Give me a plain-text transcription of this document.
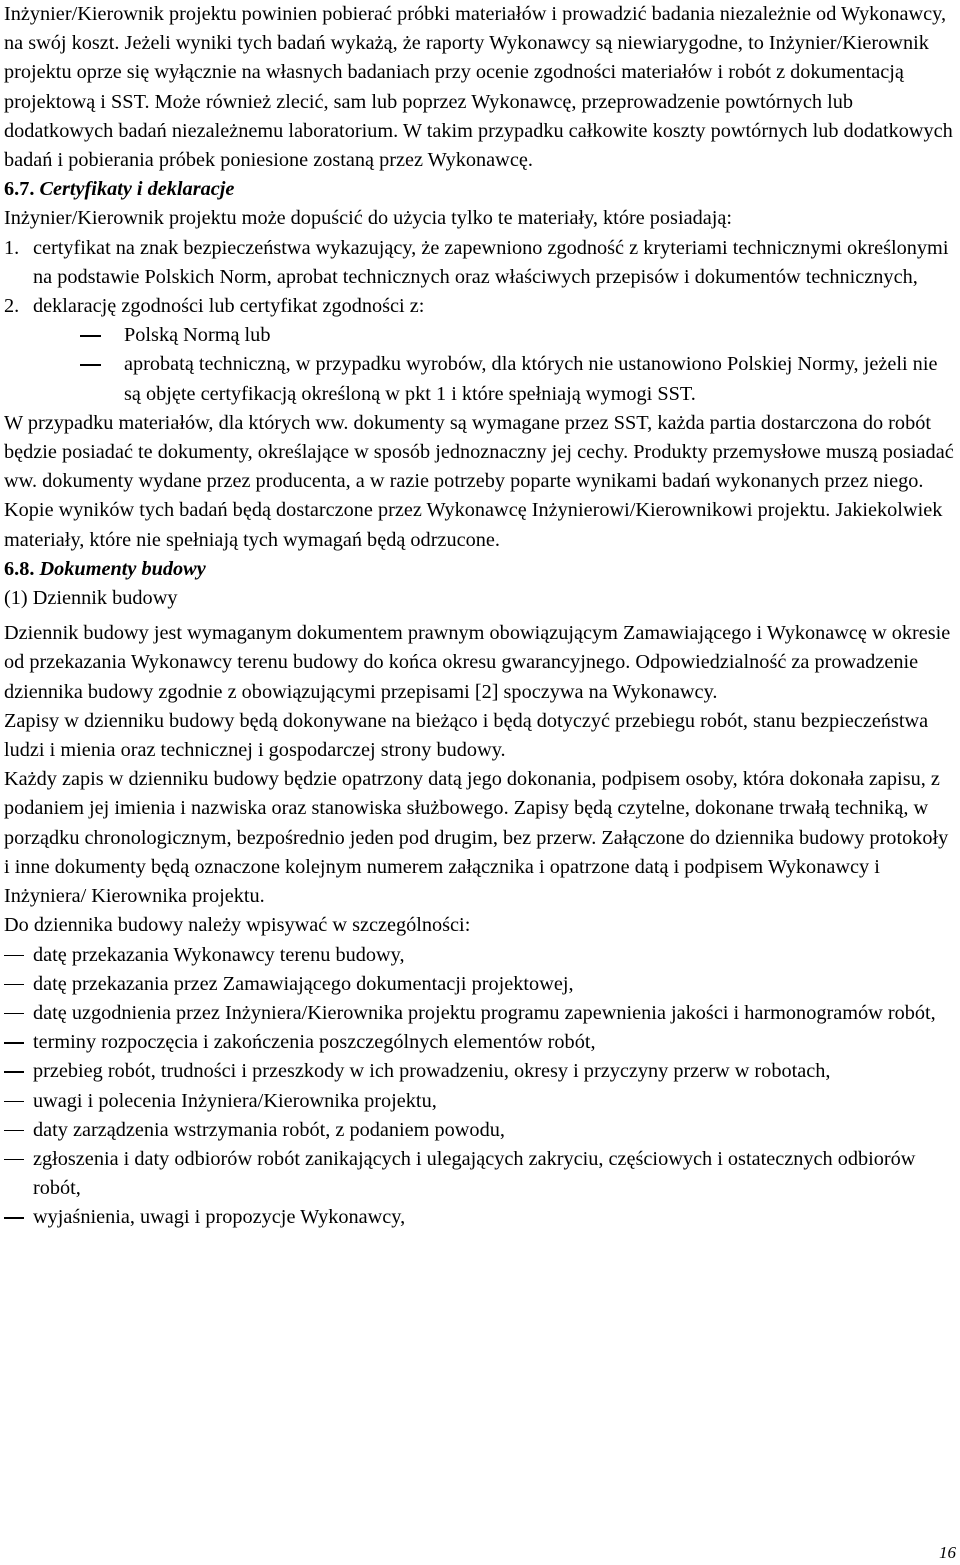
Inżynier/Kierownik projektu powinien pobierać próbki materiałów i prowadzić badania niezależnie od Wykonawcy, na swój koszt. Jeżeli wyniki tych badań wykażą, że raporty Wykonawcy są niewiarygodne, to Inżynier/Kierownik projektu oprze się wyłącznie na własnych badaniach przy ocenie zgodności materiałów i robót z dokumentacją projektową i SST. Może również zlecić, sam lub poprzez Wykonawcę, przeprowadzenie powtórnych lub dodatkowych badań niezależnemu laboratorium. W takim przypadku całkowite koszty powtórnych lub dodatkowych badań i pobierania próbek poniesione zostaną przez Wykonawcę.

6.7. Certyfikaty i deklaracje

Inżynier/Kierownik projektu może dopuścić do użycia tylko te materiały, które posiadają:

1. certyfikat na znak bezpieczeństwa wykazujący, że zapewniono zgodność z kryteriami technicznymi określonymi na podstawie Polskich Norm, aprobat technicznych oraz właściwych przepisów i dokumentów technicznych,
2. deklarację zgodności lub certyfikat zgodności z:
Polską Normą lub
aprobatą techniczną, w przypadku wyrobów, dla których nie ustanowiono Polskiej Normy, jeżeli nie są objęte certyfikacją określoną w pkt 1 i które spełniają wymogi SST.

W przypadku materiałów, dla których ww. dokumenty są wymagane przez SST, każda partia dostarczona do robót będzie posiadać te dokumenty, określające w sposób jednoznaczny jej cechy. Produkty przemysłowe muszą posiadać ww. dokumenty wydane przez producenta, a w razie potrzeby poparte wynikami badań wykonanych przez niego. Kopie wyników tych badań będą dostarczone przez Wykonawcę Inżynierowi/Kierownikowi projektu. Jakiekolwiek materiały, które nie spełniają tych wymagań będą odrzucone.

6.8. Dokumenty budowy

(1) Dziennik budowy

Dziennik budowy jest wymaganym dokumentem prawnym obowiązującym Zamawiającego i Wykonawcę w okresie od przekazania Wykonawcy terenu budowy do końca okresu gwarancyjnego. Odpowiedzialność za prowadzenie dziennika budowy zgodnie z obowiązującymi przepisami [2] spoczywa na Wykonawcy.

Zapisy w dzienniku budowy będą dokonywane na bieżąco i będą dotyczyć przebiegu robót, stanu bezpieczeństwa ludzi i mienia oraz technicznej i gospodarczej strony budowy.

Każdy zapis w dzienniku budowy będzie opatrzony datą jego dokonania, podpisem osoby, która dokonała zapisu, z podaniem jej imienia i nazwiska oraz stanowiska służbowego. Zapisy będą czytelne, dokonane trwałą techniką, w porządku chronologicznym, bezpośrednio jeden pod drugim, bez przerw. Załączone do dziennika budowy protokoły i inne dokumenty będą oznaczone kolejnym numerem załącznika i opatrzone datą i podpisem Wykonawcy i Inżyniera/ Kierownika projektu.

Do dziennika budowy należy wpisywać w szczególności:

datę przekazania Wykonawcy terenu budowy,
datę przekazania przez Zamawiającego dokumentacji projektowej,
datę uzgodnienia przez Inżyniera/Kierownika projektu programu zapewnienia jakości i harmonogramów robót,
terminy rozpoczęcia i zakończenia poszczególnych elementów robót,
przebieg robót, trudności i przeszkody w ich prowadzeniu, okresy i przyczyny przerw w robotach,
uwagi i polecenia Inżyniera/Kierownika projektu,
daty zarządzenia wstrzymania robót, z podaniem powodu,
zgłoszenia i daty odbiorów robót zanikających i ulegających zakryciu, częściowych i ostatecznych odbiorów robót,
wyjaśnienia, uwagi i propozycje Wykonawcy,
16
